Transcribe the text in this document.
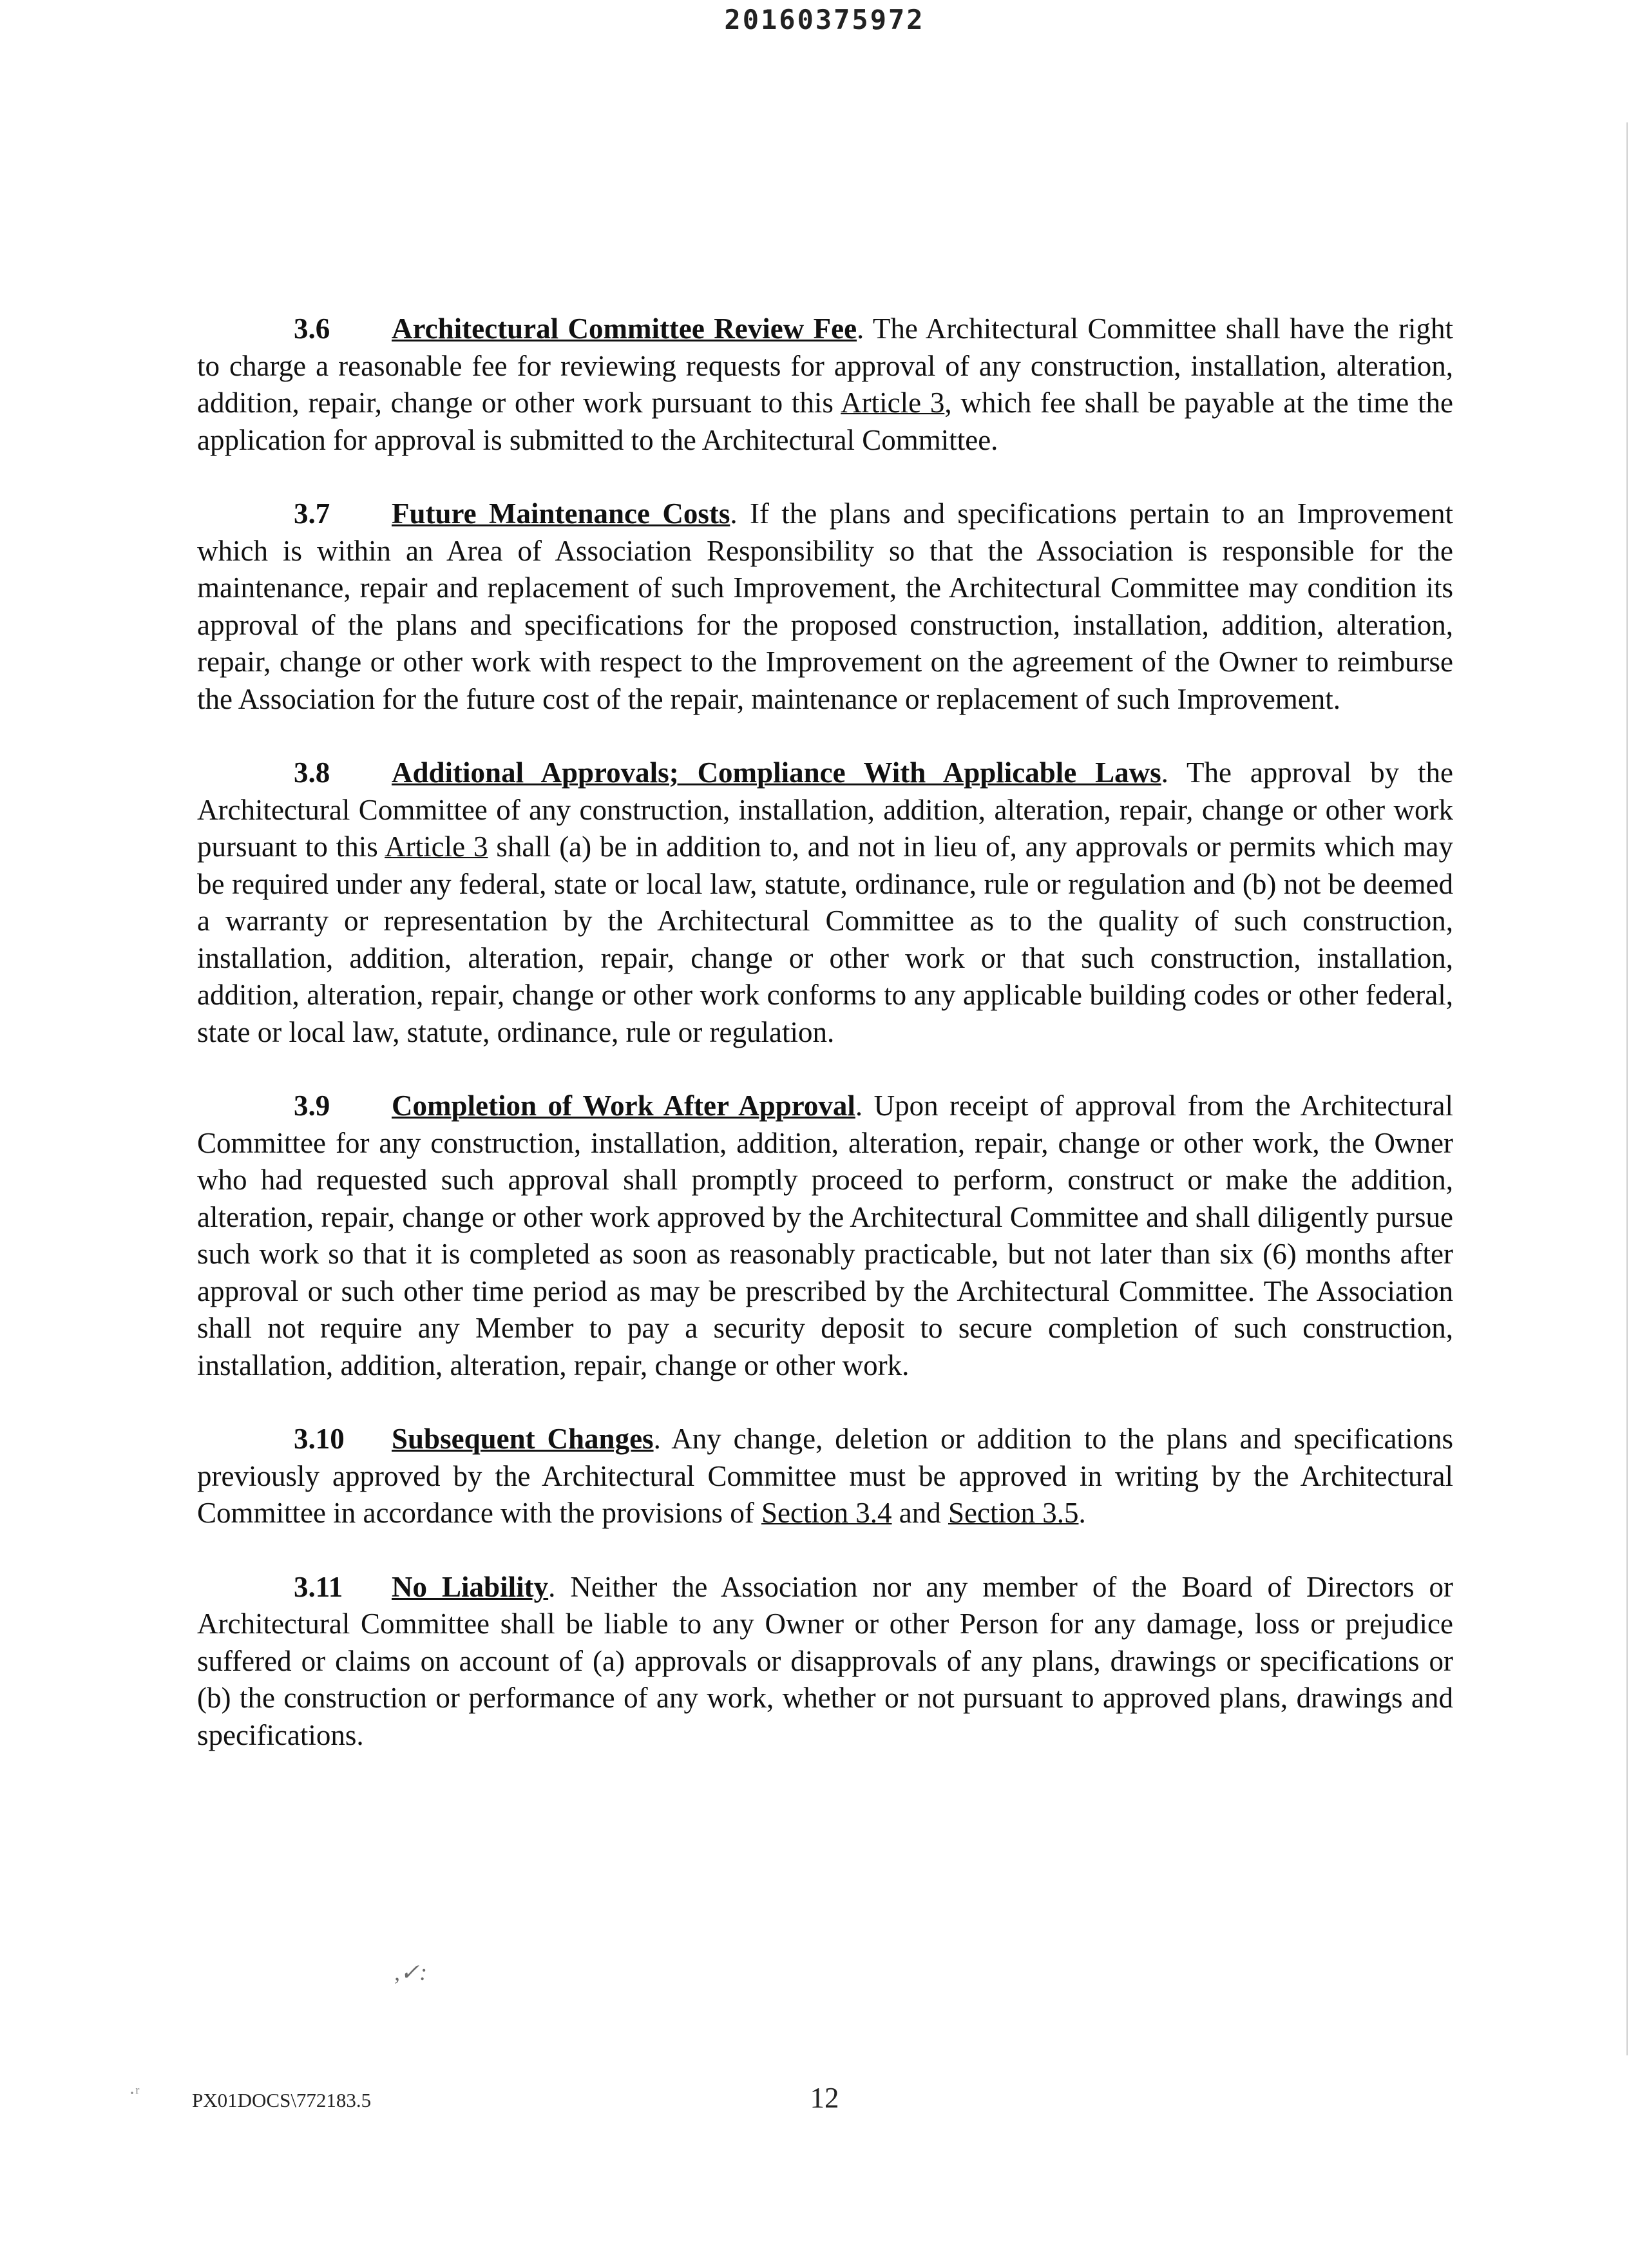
20160375972

3.6 Architectural Committee Review Fee. The Architectural Committee shall have the right to charge a reasonable fee for reviewing requests for approval of any construction, installation, alteration, addition, repair, change or other work pursuant to this Article 3, which fee shall be payable at the time the application for approval is submitted to the Architectural Committee.

3.7 Future Maintenance Costs. If the plans and specifications pertain to an Improvement which is within an Area of Association Responsibility so that the Association is responsible for the maintenance, repair and replacement of such Improvement, the Architectural Committee may condition its approval of the plans and specifications for the proposed construction, installation, addition, alteration, repair, change or other work with respect to the Improvement on the agreement of the Owner to reimburse the Association for the future cost of the repair, maintenance or replacement of such Improvement.

3.8 Additional Approvals; Compliance With Applicable Laws. The approval by the Architectural Committee of any construction, installation, addition, alteration, repair, change or other work pursuant to this Article 3 shall (a) be in addition to, and not in lieu of, any approvals or permits which may be required under any federal, state or local law, statute, ordinance, rule or regulation and (b) not be deemed a warranty or representation by the Architectural Committee as to the quality of such construction, installation, addition, alteration, repair, change or other work or that such construction, installation, addition, alteration, repair, change or other work conforms to any applicable building codes or other federal, state or local law, statute, ordinance, rule or regulation.

3.9 Completion of Work After Approval. Upon receipt of approval from the Architectural Committee for any construction, installation, addition, alteration, repair, change or other work, the Owner who had requested such approval shall promptly proceed to perform, construct or make the addition, alteration, repair, change or other work approved by the Architectural Committee and shall diligently pursue such work so that it is completed as soon as reasonably practicable, but not later than six (6) months after approval or such other time period as may be prescribed by the Architectural Committee. The Association shall not require any Member to pay a security deposit to secure completion of such construction, installation, addition, alteration, repair, change or other work.

3.10 Subsequent Changes. Any change, deletion or addition to the plans and specifications previously approved by the Architectural Committee must be approved in writing by the Architectural Committee in accordance with the provisions of Section 3.4 and Section 3.5.

3.11 No Liability. Neither the Association nor any member of the Board of Directors or Architectural Committee shall be liable to any Owner or other Person for any damage, loss or prejudice suffered or claims on account of (a) approvals or disapprovals of any plans, drawings or specifications or (b) the construction or performance of any work, whether or not pursuant to approved plans, drawings and specifications.

,✓:
·ʳ	PX01DOCS\772183.5	12
